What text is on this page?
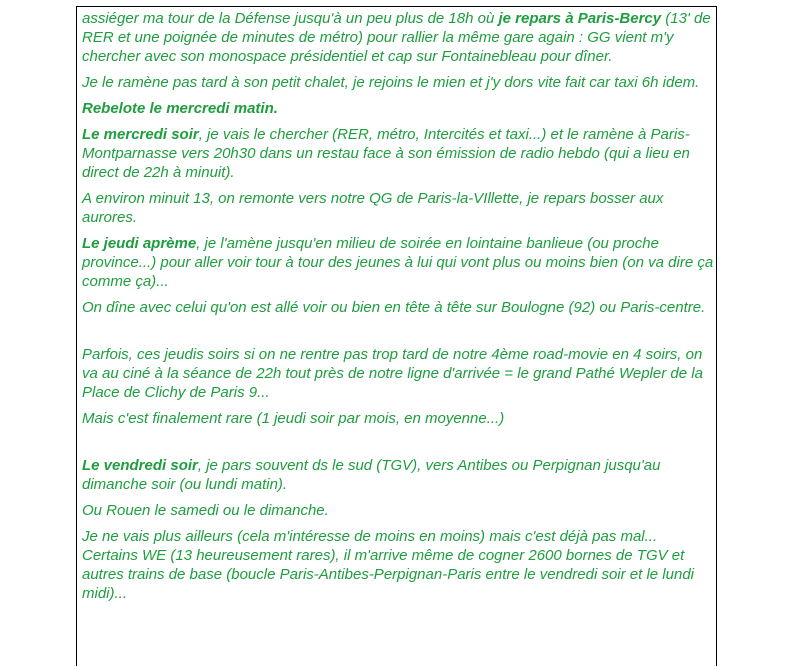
assiéger ma tour de la Défense jusqu'à un peu plus de 18h où je repars à Paris-Bercy (13' de RER et une poignée de minutes de métro) pour rallier la même gare again : GG vient m'y chercher avec son monospace présidentiel et cap sur Fontainebleau pour dîner.

Je le ramène pas tard à son petit chalet, je rejoins le mien et j'y dors vite fait car taxi 6h idem.

Rebelote le mercredi matin.

Le mercredi soir, je vais le chercher (RER, métro, Intercités et taxi...) et le ramène à Paris-Montparnasse vers 20h30 dans un restau face à son émission de radio hebdo (qui a lieu en direct de 22h à minuit).

A environ minuit 13, on remonte vers notre QG de Paris-la-VIllette, je repars bosser aux aurores.

Le jeudi aprème, je l'amène jusqu'en milieu de soirée en lointaine banlieue (ou proche province...) pour aller voir tour à tour des jeunes à lui qui vont plus ou moins bien (on va dire ça comme ça)...

On dîne avec celui qu'on est allé voir ou bien en tête à tête sur Boulogne (92) ou Paris-centre.

Parfois, ces jeudis soirs si on ne rentre pas trop tard de notre 4ème road-movie en 4 soirs, on va au ciné à la séance de 22h tout près de notre ligne d'arrivée = le grand Pathé Wepler de la Place de Clichy de Paris 9...

Mais c'est finalement rare (1 jeudi soir par mois, en moyenne...)

Le vendredi soir, je pars souvent ds le sud (TGV), vers Antibes ou Perpignan jusqu'au dimanche soir (ou lundi matin).

Ou Rouen le samedi ou le dimanche.

Je ne vais plus ailleurs (cela m'intéresse de moins en moins) mais c'est déjà pas mal... Certains WE (13 heureusement rares), il m'arrive même de cogner 2600 bornes de TGV et autres trains de base (boucle Paris-Antibes-Perpignan-Paris entre le vendredi soir et le lundi midi)...
